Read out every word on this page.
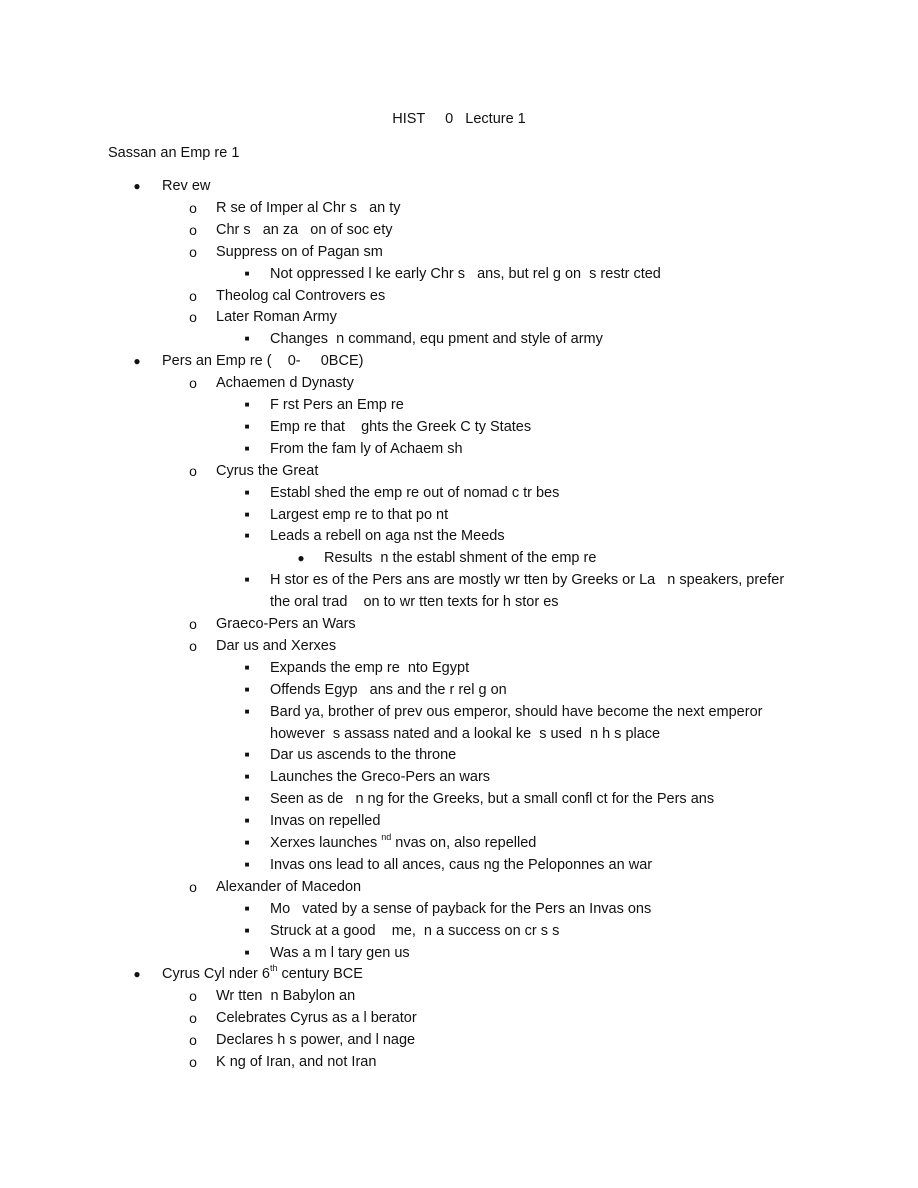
HIST     0   Lecture 1
Sassan an Emp re 1
● Rev ew
o R se of Imper al Chr s   an ty
o Chr s   an za   on of soc ety
o Suppress on of Pagan sm
■	Not oppressed l ke early Chr s   ans, but rel g on  s restr cted
o Theolog cal Controvers es
o Later Roman Army
■	Changes  n command, equ pment and style of army
● Pers an Emp re (    0-     0BCE)
o Achaemen d Dynasty
■	F rst Pers an Emp re
■	Emp re that    ghts the Greek C ty States
■	From the fam ly of Achaem sh
o Cyrus the Great
■	Establ shed the emp re out of nomad c tr bes
■	Largest emp re to that po nt
■	Leads a rebell on aga nst the Meeds
● Results  n the establ shment of the emp re
■	H stor es of the Pers ans are mostly wr tten by Greeks or La   n speakers, prefer
the oral trad    on to wr tten texts for h stor es
o Graeco-Pers an Wars
o Dar us and Xerxes
■	Expands the emp re  nto Egypt
■	Offends Egyp   ans and the r rel g on
■	Bard ya, brother of prev ous emperor, should have become the next emperor
however  s assass nated and a lookal ke  s used  n h s place
■	Dar us ascends to the throne
■	Launches the Greco-Pers an wars
■	Seen as de   n ng for the Greeks, but a small confl ct for the Pers ans
■	Invas on repelled
■	Xerxes launches $^{nd}$ nvas on, also repelled
■	Invas ons lead to all ances, caus ng the Peloponnes an war
o Alexander of Macedon
■	Mo   vated by a sense of payback for the Pers an Invas ons
■	Struck at a good    me,  n a success on cr s s
■	Was a m l tary gen us
● Cyrus Cyl nder 6th century BCE
o Wr tten  n Babylon an
o Celebrates Cyrus as a l berator
o Declares h s power, and l nage
o K ng of Iran, and not Iran
